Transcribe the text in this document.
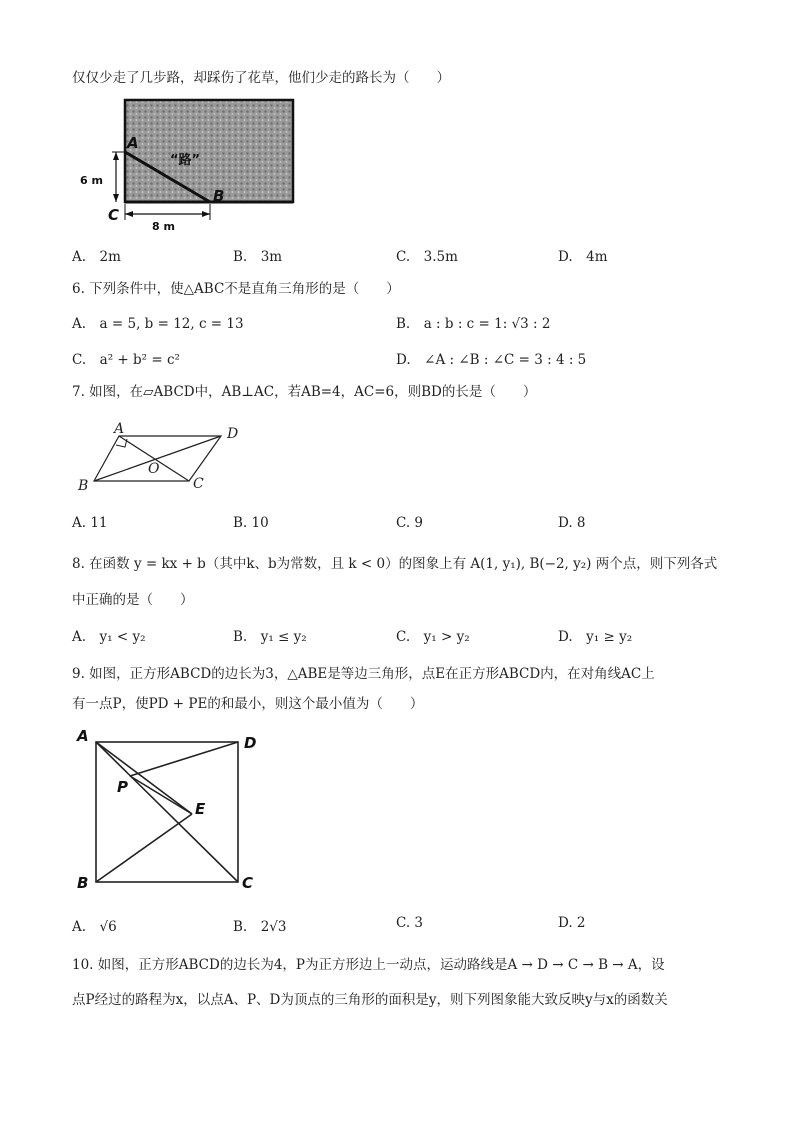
仅仅少走了几步路，却踩伤了花草，他们少走的路长为（　　）
A
B
C
“路”
6 m
8 m
A.　2m	B.　3m	C.　3.5m	D.　4m
6. 下列条件中，使△ABC不是直角三角形的是（　　）
A.　a = 5, b = 12, c = 13	B.　a : b : c = 1: √3 : 2
C.　a² + b² = c²	D.　∠A : ∠B : ∠C = 3 : 4 : 5
7. 如图，在▱ABCD中，AB⊥AC，若AB=4，AC=6，则BD的长是（　　）
A	D
B	C
O
A. 11	B. 10	C. 9	D. 8
8. 在函数 y = kx + b（其中k、b为常数，且 k < 0）的图象上有 A(1, y₁), B(−2, y₂) 两个点，则下列各式
中正确的是（　　）
A.　y₁ < y₂	B.　y₁ ≤ y₂	C.　y₁ > y₂	D.　y₁ ≥ y₂
9. 如图，正方形ABCD的边长为3，△ABE是等边三角形，点E在正方形ABCD内，在对角线AC上
有一点P，使PD + PE的和最小，则这个最小值为（　　）
A	D
B	C
E
P
A.　√6	B.　2√3	C. 3	D. 2
10. 如图，正方形ABCD的边长为4，P为正方形边上一动点，运动路线是A → D → C → B → A，设
点P经过的路程为x，以点A、P、D为顶点的三角形的面积是y，则下列图象能大致反映y与x的函数关
